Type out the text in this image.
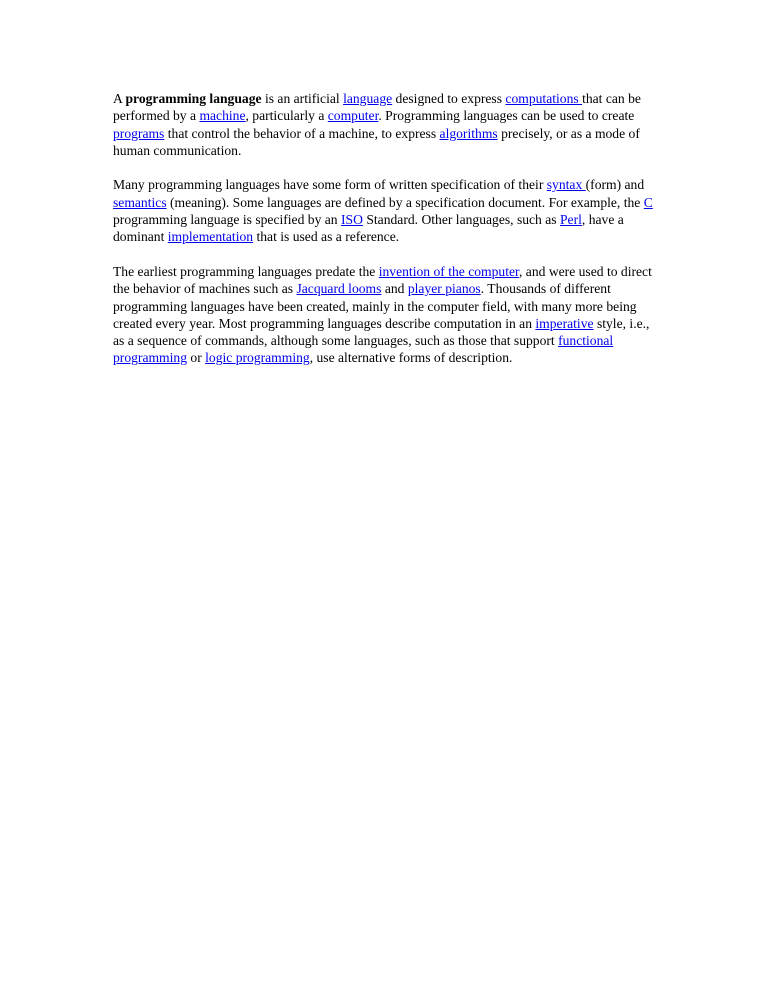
A programming language is an artificial language designed to express computations that can be performed by a machine, particularly a computer. Programming languages can be used to create programs that control the behavior of a machine, to express algorithms precisely, or as a mode of human communication.

Many programming languages have some form of written specification of their syntax (form) and semantics (meaning). Some languages are defined by a specification document. For example, the C programming language is specified by an ISO Standard. Other languages, such as Perl, have a dominant implementation that is used as a reference.

The earliest programming languages predate the invention of the computer, and were used to direct the behavior of machines such as Jacquard looms and player pianos. Thousands of different programming languages have been created, mainly in the computer field, with many more being created every year. Most programming languages describe computation in an imperative style, i.e., as a sequence of commands, although some languages, such as those that support functional programming or logic programming, use alternative forms of description.
